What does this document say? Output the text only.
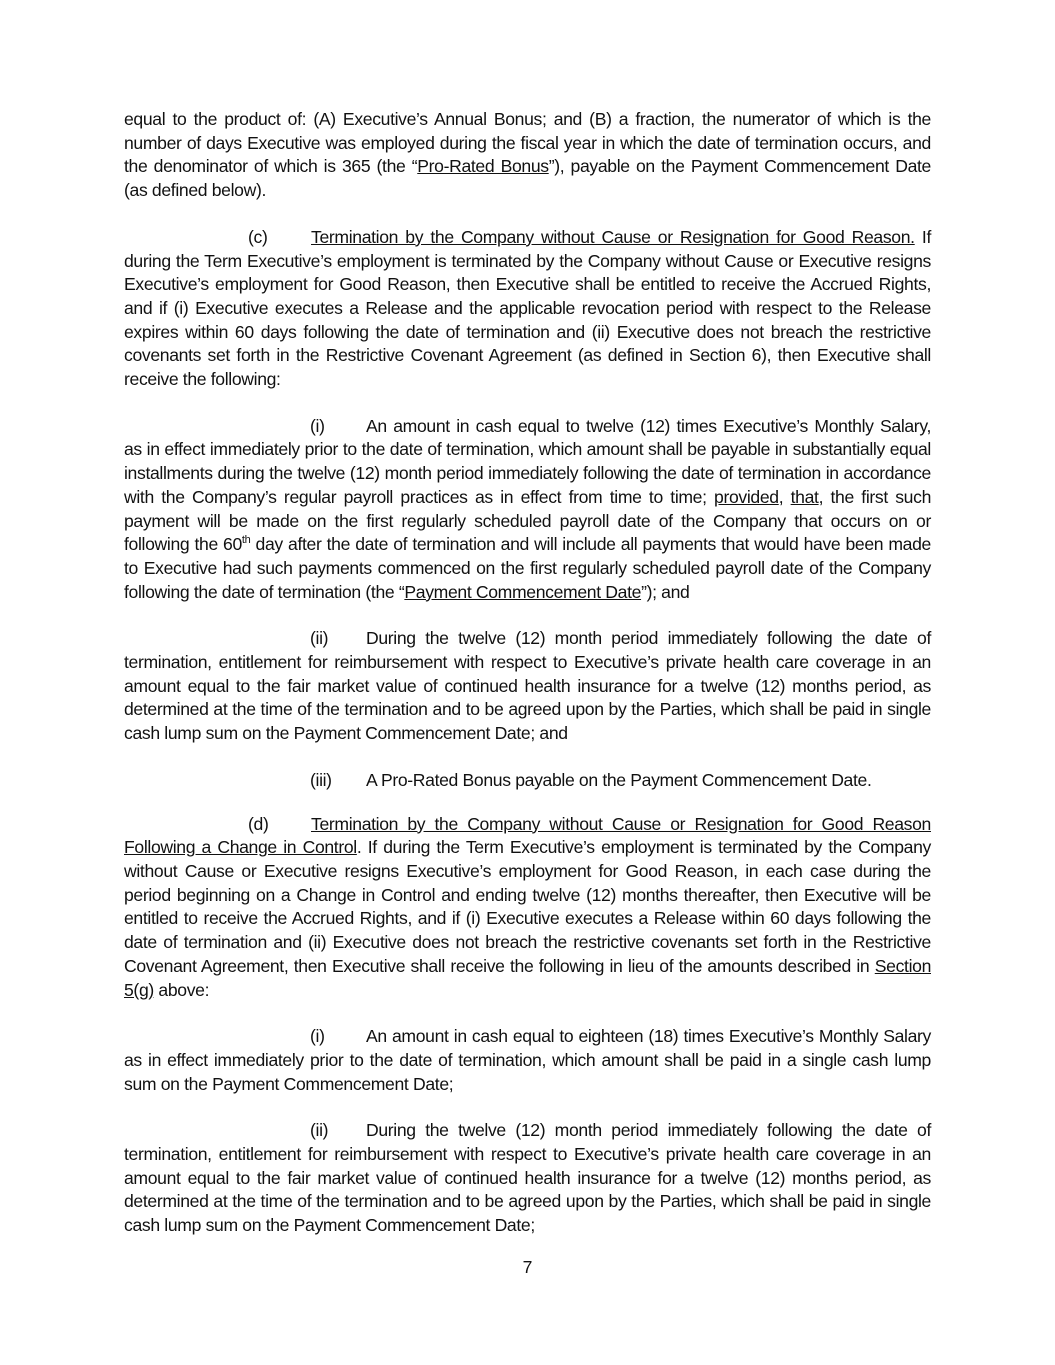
equal to the product of: (A) Executive’s Annual Bonus; and (B) a fraction, the numerator of which is the number of days Executive was employed during the fiscal year in which the date of termination occurs, and the denominator of which is 365 (the “Pro-Rated Bonus”), payable on the Payment Commencement Date (as defined below).

(c) Termination by the Company without Cause or Resignation for Good Reason. If during the Term Executive’s employment is terminated by the Company without Cause or Executive resigns Executive’s employment for Good Reason, then Executive shall be entitled to receive the Accrued Rights, and if (i) Executive executes a Release and the applicable revocation period with respect to the Release expires within 60 days following the date of termination and (ii) Executive does not breach the restrictive covenants set forth in the Restrictive Covenant Agreement (as defined in Section 6), then Executive shall receive the following:

(i) An amount in cash equal to twelve (12) times Executive’s Monthly Salary, as in effect immediately prior to the date of termination, which amount shall be payable in substantially equal installments during the twelve (12) month period immediately following the date of termination in accordance with the Company’s regular payroll practices as in effect from time to time; provided, that, the first such payment will be made on the first regularly scheduled payroll date of the Company that occurs on or following the 60th day after the date of termination and will include all payments that would have been made to Executive had such payments commenced on the first regularly scheduled payroll date of the Company following the date of termination (the “Payment Commencement Date”); and

(ii) During the twelve (12) month period immediately following the date of termination, entitlement for reimbursement with respect to Executive’s private health care coverage in an amount equal to the fair market value of continued health insurance for a twelve (12) months period, as determined at the time of the termination and to be agreed upon by the Parties, which shall be paid in single cash lump sum on the Payment Commencement Date; and

(iii) A Pro-Rated Bonus payable on the Payment Commencement Date.

(d) Termination by the Company without Cause or Resignation for Good Reason Following a Change in Control. If during the Term Executive’s employment is terminated by the Company without Cause or Executive resigns Executive’s employment for Good Reason, in each case during the period beginning on a Change in Control and ending twelve (12) months thereafter, then Executive will be entitled to receive the Accrued Rights, and if (i) Executive executes a Release within 60 days following the date of termination and (ii) Executive does not breach the restrictive covenants set forth in the Restrictive Covenant Agreement, then Executive shall receive the following in lieu of the amounts described in Section 5(g) above:

(i) An amount in cash equal to eighteen (18) times Executive’s Monthly Salary as in effect immediately prior to the date of termination, which amount shall be paid in a single cash lump sum on the Payment Commencement Date;

(ii) During the twelve (12) month period immediately following the date of termination, entitlement for reimbursement with respect to Executive’s private health care coverage in an amount equal to the fair market value of continued health insurance for a twelve (12) months period, as determined at the time of the termination and to be agreed upon by the Parties, which shall be paid in single cash lump sum on the Payment Commencement Date;

7
